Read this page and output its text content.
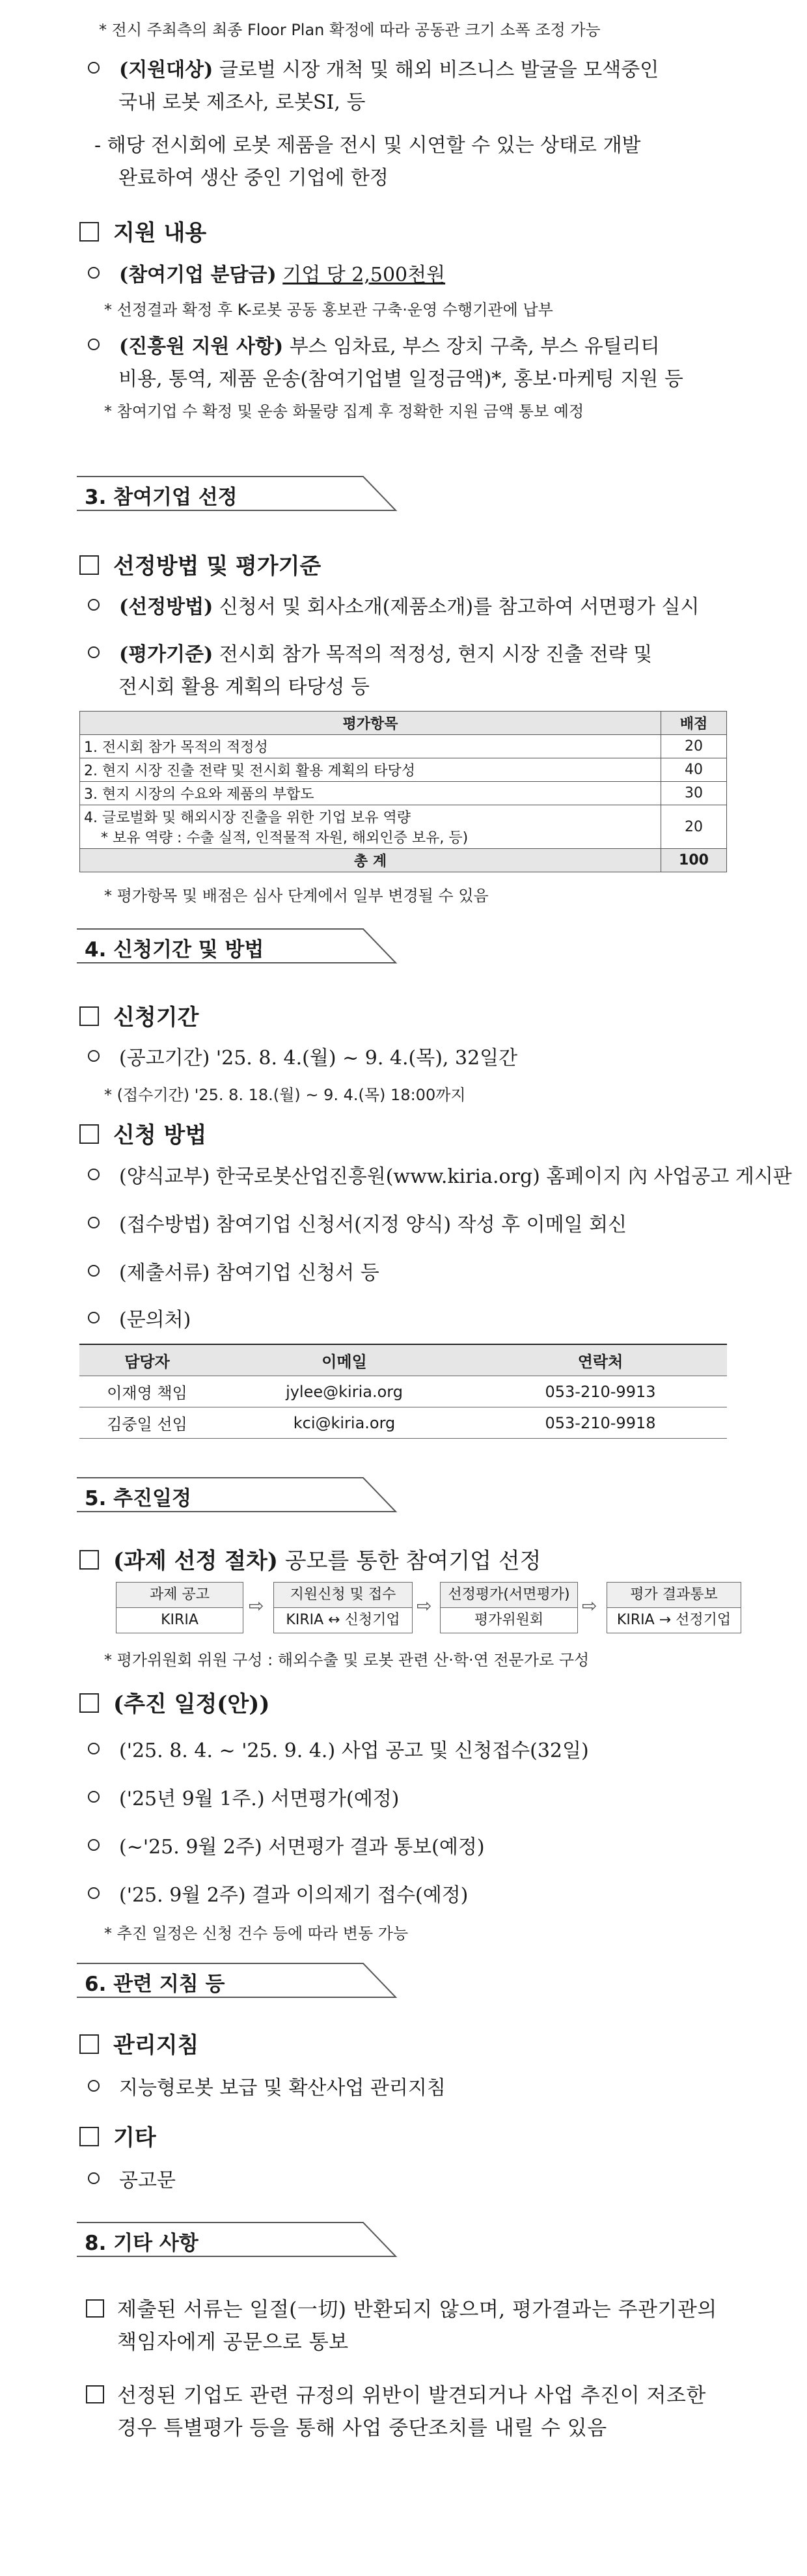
* 전시 주최측의 최종 Floor Plan 확정에 따라 공동관 크기 소폭 조정 가능
(지원대상) 글로벌 시장 개척 및 해외 비즈니스 발굴을 모색중인
국내 로봇 제조사, 로봇SI, 등
- 해당 전시회에 로봇 제품을 전시 및 시연할 수 있는 상태로 개발
완료하여 생산 중인 기업에 한정
지원 내용
(참여기업 분담금) 기업 당 2,500천원
* 선정결과 확정 후 K-로봇 공동 홍보관 구축·운영 수행기관에 납부
(진흥원 지원 사항) 부스 임차료, 부스 장치 구축, 부스 유틸리티
비용, 통역, 제품 운송(참여기업별 일정금액)*, 홍보·마케팅 지원 등
* 참여기업 수 확정 및 운송 화물량 집계 후 정확한 지원 금액 통보 예정
3. 참여기업 선정
선정방법 및 평가기준
(선정방법) 신청서 및 회사소개(제품소개)를 참고하여 서면평가 실시
(평가기준) 전시회 참가 목적의 적정성, 현지 시장 진출 전략 및
전시회 활용 계획의 타당성 등
평가항목	배점
1. 전시회 참가 목적의 적정성	20
2. 현지 시장 진출 전략 및 전시회 활용 계획의 타당성	40
3. 현지 시장의 수요와 제품의 부합도	30

4. 글로벌화 및 해외시장 진출을 위한 기업 보유 역량
* 보유 역량 : 수출 실적, 인적물적 자원, 해외인증 보유, 등)	20
총 계	100
* 평가항목 및 배점은 심사 단계에서 일부 변경될 수 있음
4. 신청기간 및 방법
신청기간
(공고기간) '25. 8. 4.(월) ~ 9. 4.(목), 32일간
* (접수기간) '25. 8. 18.(월) ~ 9. 4.(목) 18:00까지
신청 방법
(양식교부) 한국로봇산업진흥원(www.kiria.org) 홈페이지 內 사업공고 게시판
(접수방법) 참여기업 신청서(지정 양식) 작성 후 이메일 회신
(제출서류) 참여기업 신청서 등
(문의처)
담당자	이메일	연락처
이재영 책임	jylee@kiria.org	053-210-9913
김중일 선임	kci@kiria.org	053-210-9918
5. 추진일정
(과제 선정 절차) 공모를 통한 참여기업 선정
과제 공고
KIRIA
⇨
지원신청 및 접수
KIRIA ↔ 신청기업
⇨
선정평가(서면평가)
평가위원회
⇨
평가 결과통보
KIRIA → 선정기업
* 평가위원회 위원 구성 : 해외수출 및 로봇 관련 산·학·연 전문가로 구성
(추진 일정(안))
('25. 8. 4. ~ '25. 9. 4.) 사업 공고 및 신청접수(32일)
('25년 9월 1주.) 서면평가(예정)
(~'25. 9월 2주) 서면평가 결과 통보(예정)
('25. 9월 2주) 결과 이의제기 접수(예정)
* 추진 일정은 신청 건수 등에 따라 변동 가능
6. 관련 지침 등
관리지침
지능형로봇 보급 및 확산사업 관리지침
기타
공고문
8. 기타 사항
제출된 서류는 일절(一切) 반환되지 않으며, 평가결과는 주관기관의
책임자에게 공문으로 통보
선정된 기업도 관련 규정의 위반이 발견되거나 사업 추진이 저조한
경우 특별평가 등을 통해 사업 중단조치를 내릴 수 있음
